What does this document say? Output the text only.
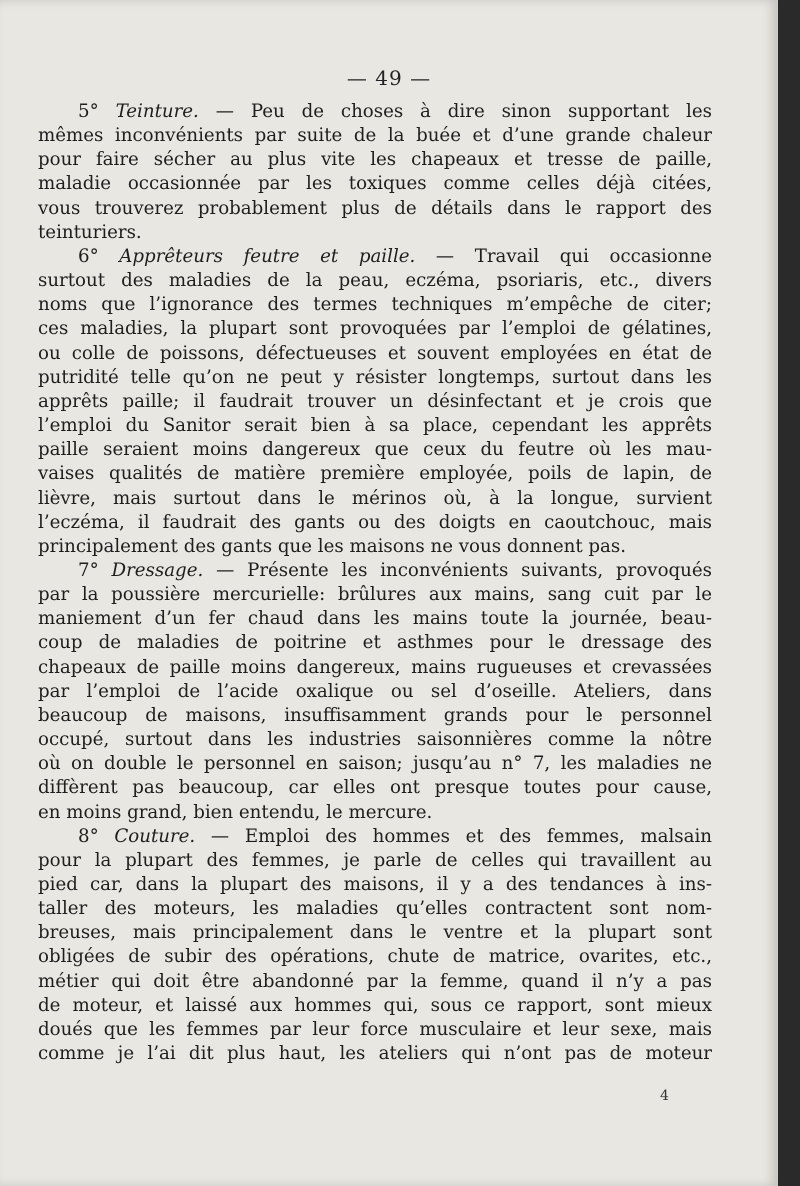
— 49 —
5° Teinture. — Peu de choses à dire sinon supportant les
mêmes inconvénients par suite de la buée et d’une grande chaleur
pour faire sécher au plus vite les chapeaux et tresse de paille,
maladie occasionnée par les toxiques comme celles déjà citées,
vous trouverez probablement plus de détails dans le rapport des
teinturiers.
6° Apprêteurs feutre et paille. — Travail qui occasionne
surtout des maladies de la peau, eczéma, psoriaris, etc., divers
noms que l’ignorance des termes techniques m’empêche de citer;
ces maladies, la plupart sont provoquées par l’emploi de gélatines,
ou colle de poissons, défectueuses et souvent employées en état de
putridité telle qu’on ne peut y résister longtemps, surtout dans les
apprêts paille; il faudrait trouver un désinfectant et je crois que
l’emploi du Sanitor serait bien à sa place, cependant les apprêts
paille seraient moins dangereux que ceux du feutre où les mau-
vaises qualités de matière première employée, poils de lapin, de
lièvre, mais surtout dans le mérinos où, à la longue, survient
l’eczéma, il faudrait des gants ou des doigts en caoutchouc, mais
principalement des gants que les maisons ne vous donnent pas.
7° Dressage. — Présente les inconvénients suivants, provoqués
par la poussière mercurielle: brûlures aux mains, sang cuit par le
maniement d’un fer chaud dans les mains toute la journée, beau-
coup de maladies de poitrine et asthmes pour le dressage des
chapeaux de paille moins dangereux, mains rugueuses et crevassées
par l’emploi de l’acide oxalique ou sel d’oseille. Ateliers, dans
beaucoup de maisons, insuffisamment grands pour le personnel
occupé, surtout dans les industries saisonnières comme la nôtre
où on double le personnel en saison; jusqu’au n° 7, les maladies ne
diffèrent pas beaucoup, car elles ont presque toutes pour cause,
en moins grand, bien entendu, le mercure.
8° Couture. — Emploi des hommes et des femmes, malsain
pour la plupart des femmes, je parle de celles qui travaillent au
pied car, dans la plupart des maisons, il y a des tendances à ins-
taller des moteurs, les maladies qu’elles contractent sont nom-
breuses, mais principalement dans le ventre et la plupart sont
obligées de subir des opérations, chute de matrice, ovarites, etc.,
métier qui doit être abandonné par la femme, quand il n’y a pas
de moteur, et laissé aux hommes qui, sous ce rapport, sont mieux
doués que les femmes par leur force musculaire et leur sexe, mais
comme je l’ai dit plus haut, les ateliers qui n’ont pas de moteur
4
